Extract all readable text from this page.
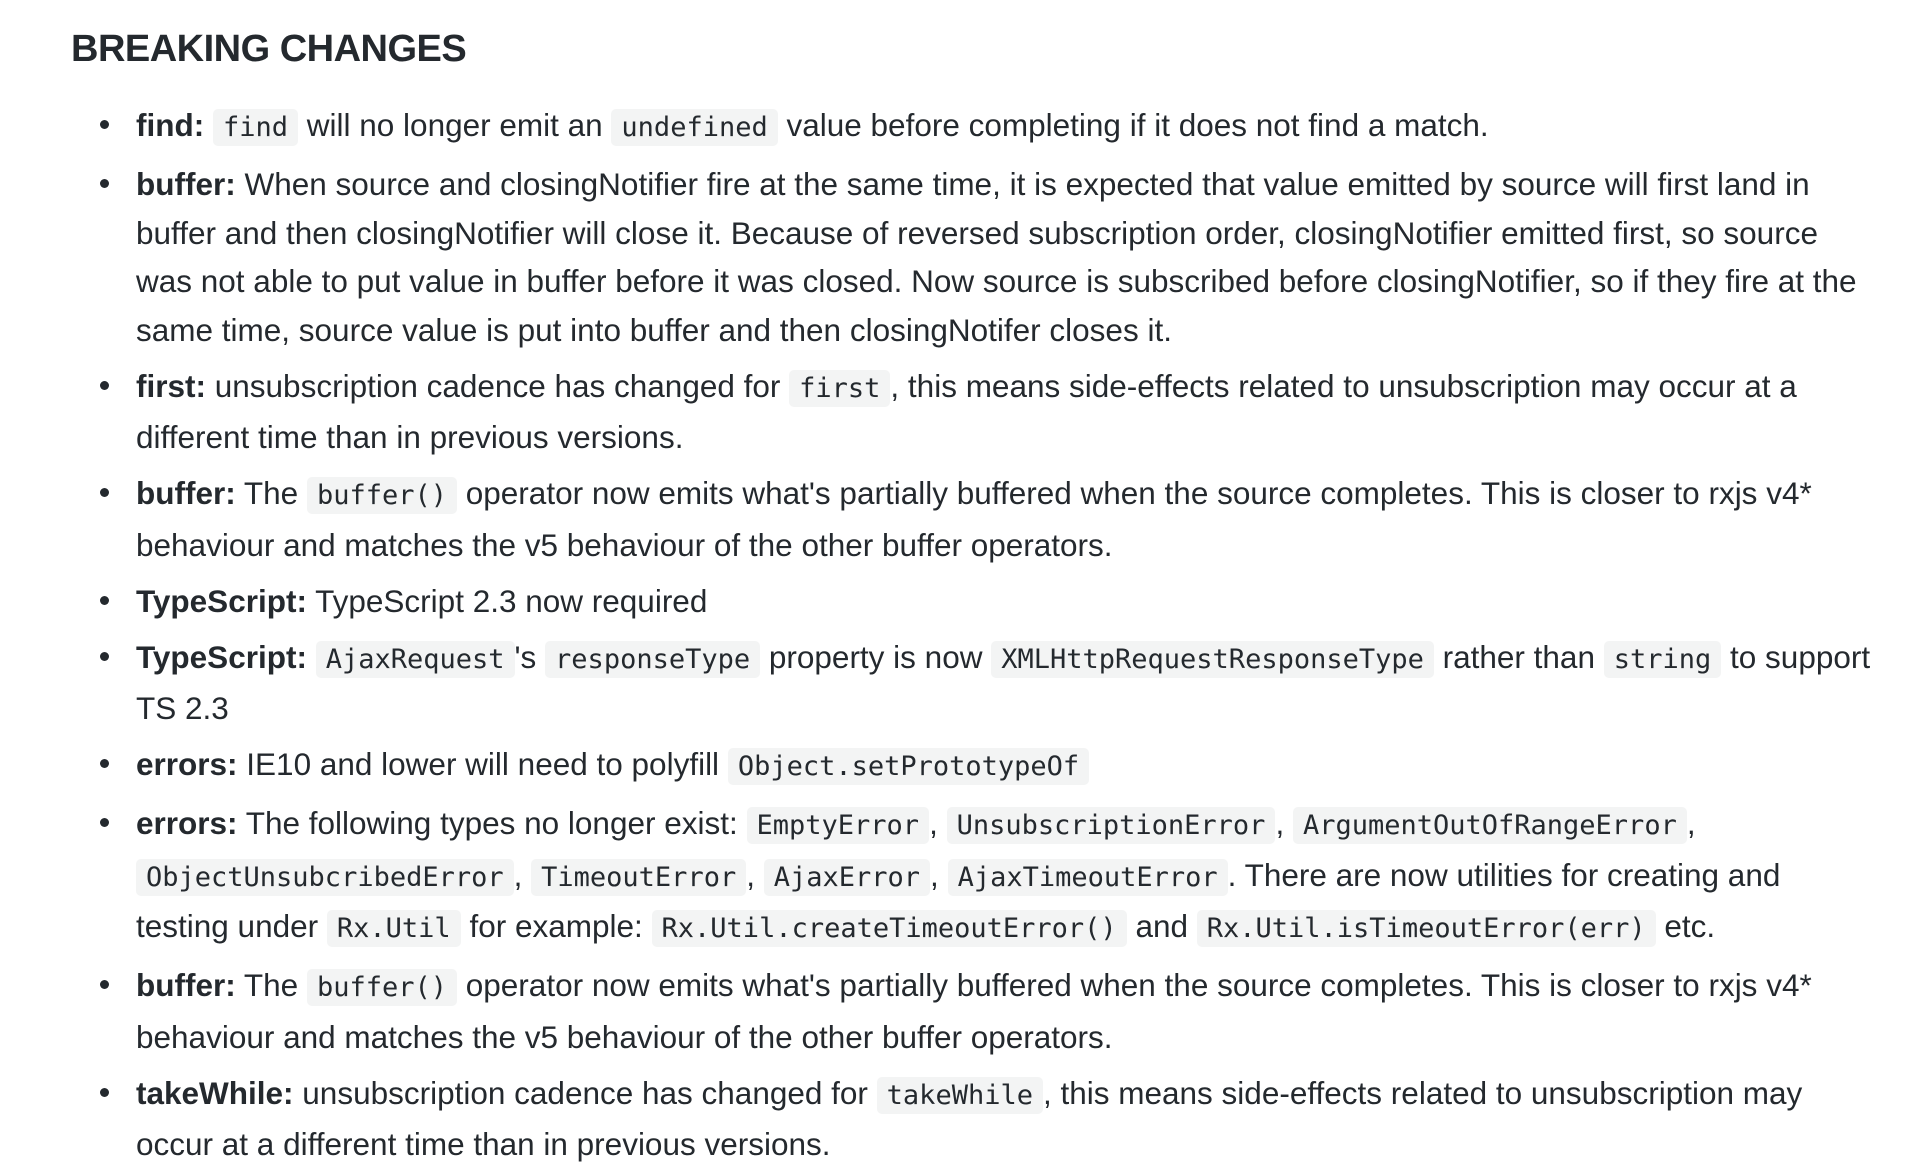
BREAKING CHANGES
find: find will no longer emit an undefined value before completing if it does not find a match.
buffer: When source and closingNotifier fire at the same time, it is expected that value emitted by source will first land in buffer and then closingNotifier will close it. Because of reversed subscription order, closingNotifier emitted first, so source was not able to put value in buffer before it was closed. Now source is subscribed before closingNotifier, so if they fire at the same time, source value is put into buffer and then closingNotifer closes it.
first: unsubscription cadence has changed for first , this means side-effects related to unsubscription may occur at a different time than in previous versions.
buffer: The buffer() operator now emits what's partially buffered when the source completes. This is closer to rxjs v4* behaviour and matches the v5 behaviour of the other buffer operators.
TypeScript: TypeScript 2.3 now required
TypeScript: AjaxRequest 's responseType property is now XMLHttpRequestResponseType rather than string to support TS 2.3
errors: IE10 and lower will need to polyfill Object.setPrototypeOf
errors: The following types no longer exist: EmptyError , UnsubscriptionError , ArgumentOutOfRangeError , ObjectUnsubcribedError , TimeoutError , AjaxError , AjaxTimeoutError . There are now utilities for creating and testing under Rx.Util for example: Rx.Util.createTimeoutError() and Rx.Util.isTimeoutError(err) etc.
buffer: The buffer() operator now emits what's partially buffered when the source completes. This is closer to rxjs v4* behaviour and matches the v5 behaviour of the other buffer operators.
takeWhile: unsubscription cadence has changed for takeWhile , this means side-effects related to unsubscription may occur at a different time than in previous versions.
